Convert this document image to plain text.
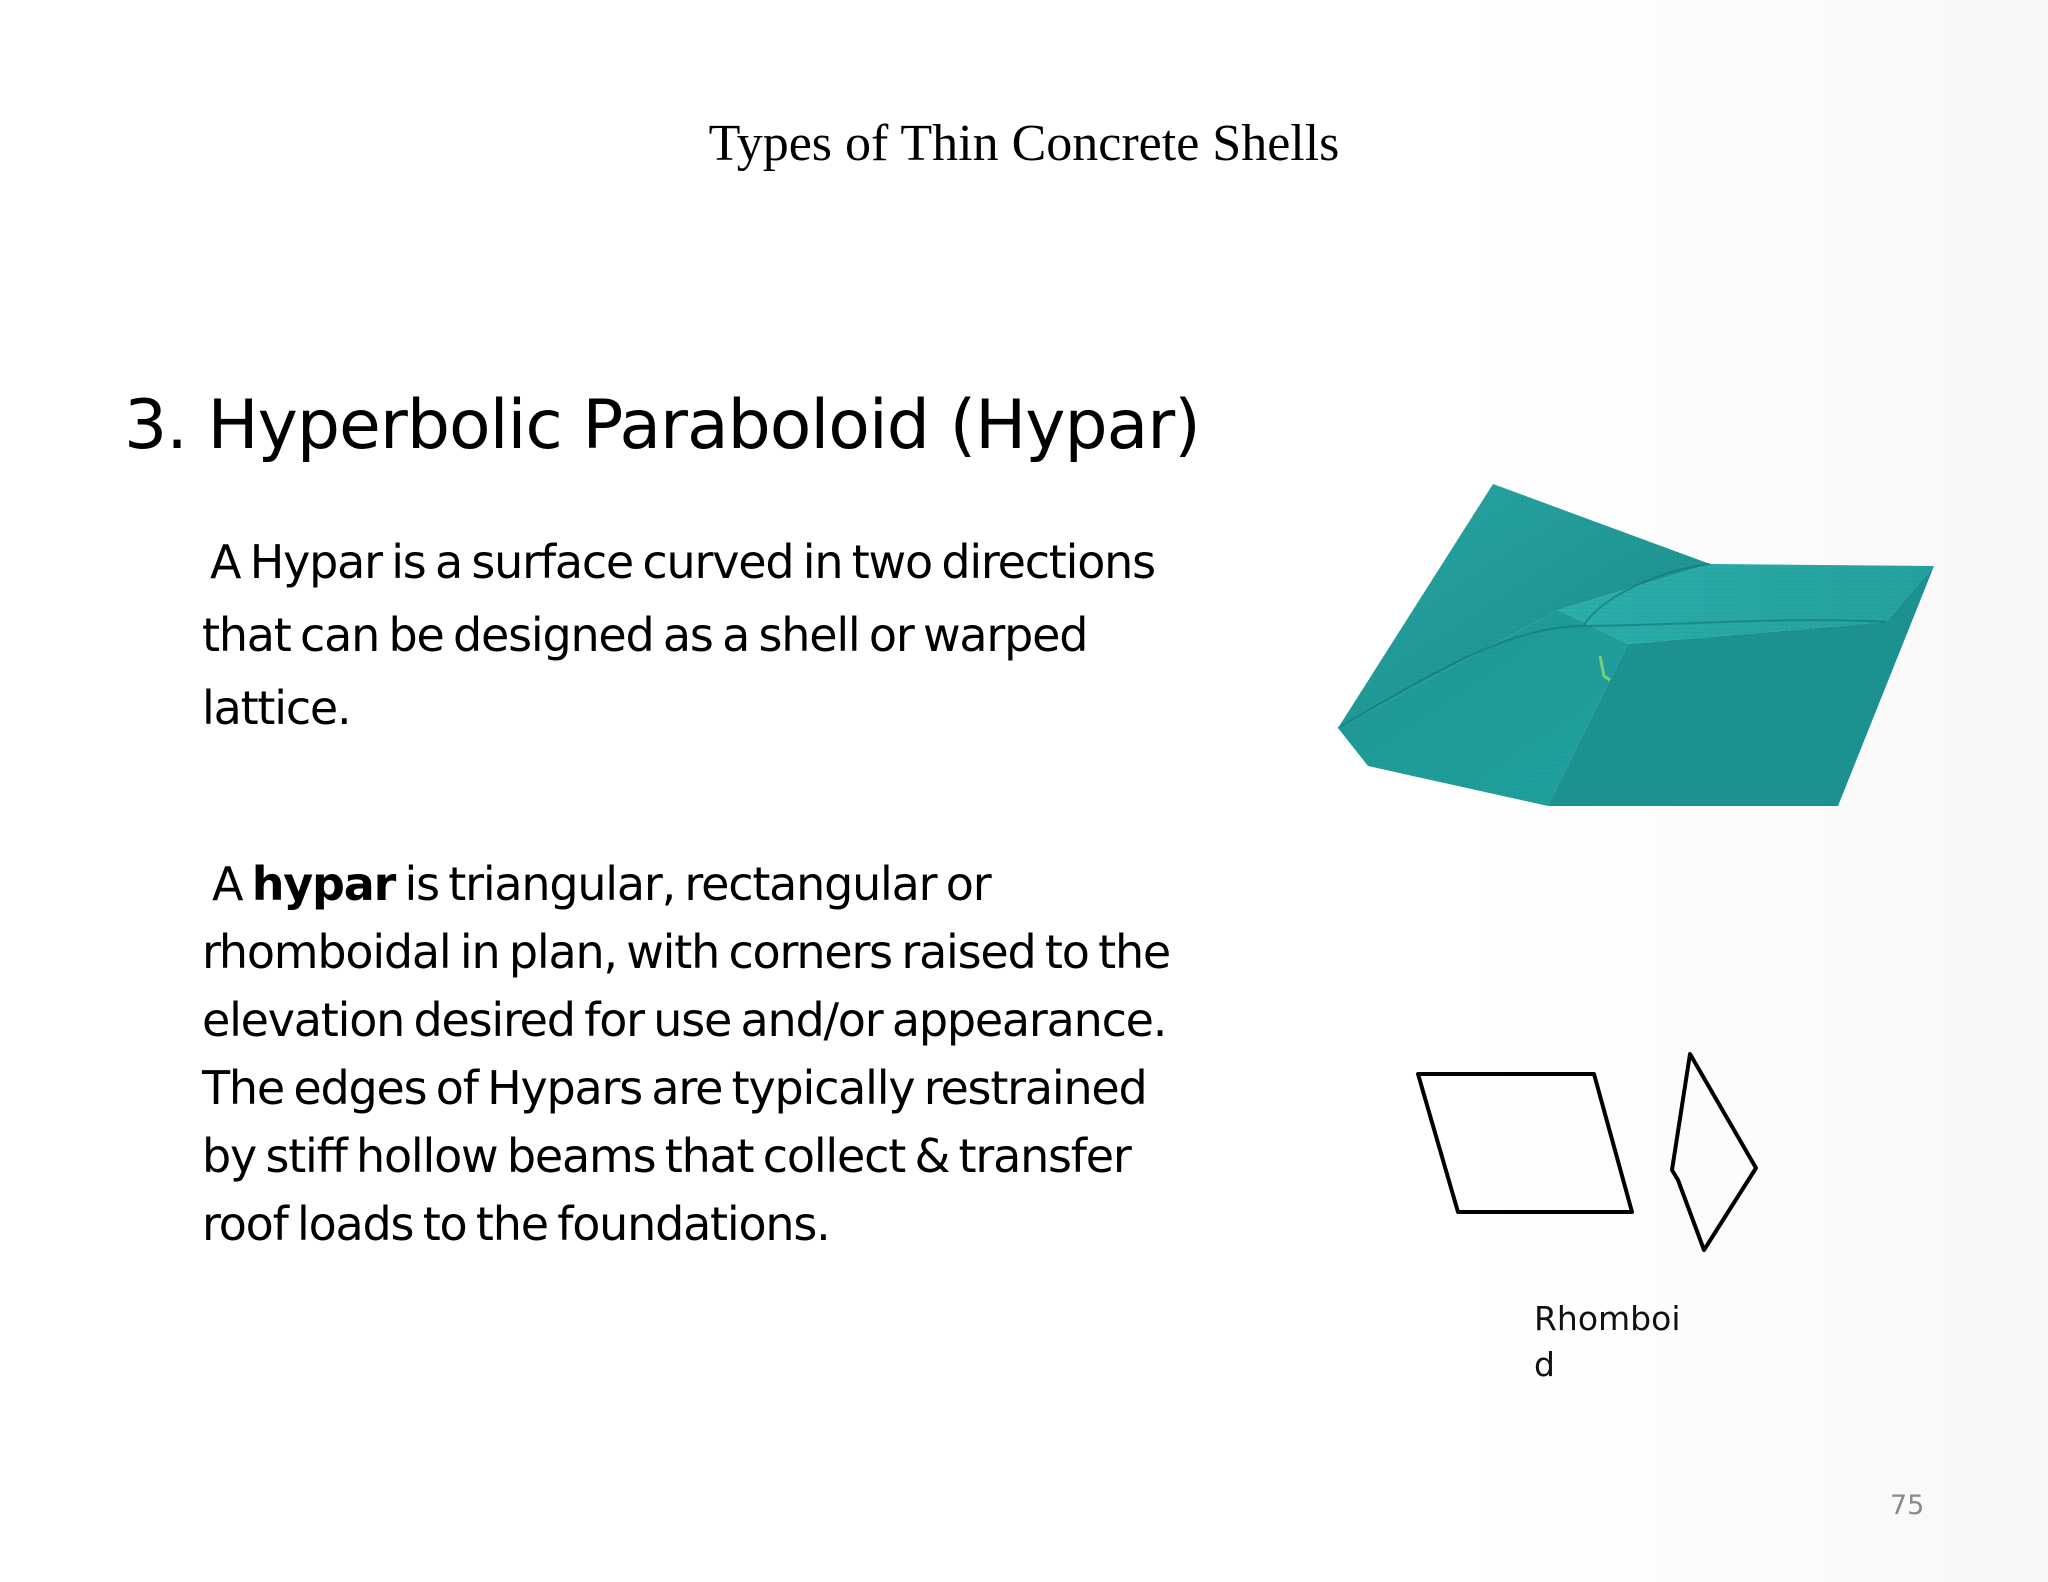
Types of Thin Concrete Shells
3. Hyperbolic Paraboloid (Hypar)
A Hypar is a surface curved in two directions that can be designed as a shell or warped lattice.
A hypar is triangular, rectangular or rhomboidal in plan, with corners raised to the elevation desired for use and/or appearance. The edges of Hypars are typically restrained by stiff hollow beams that collect & transfer roof loads to the foundations.
Rhomboid
75
